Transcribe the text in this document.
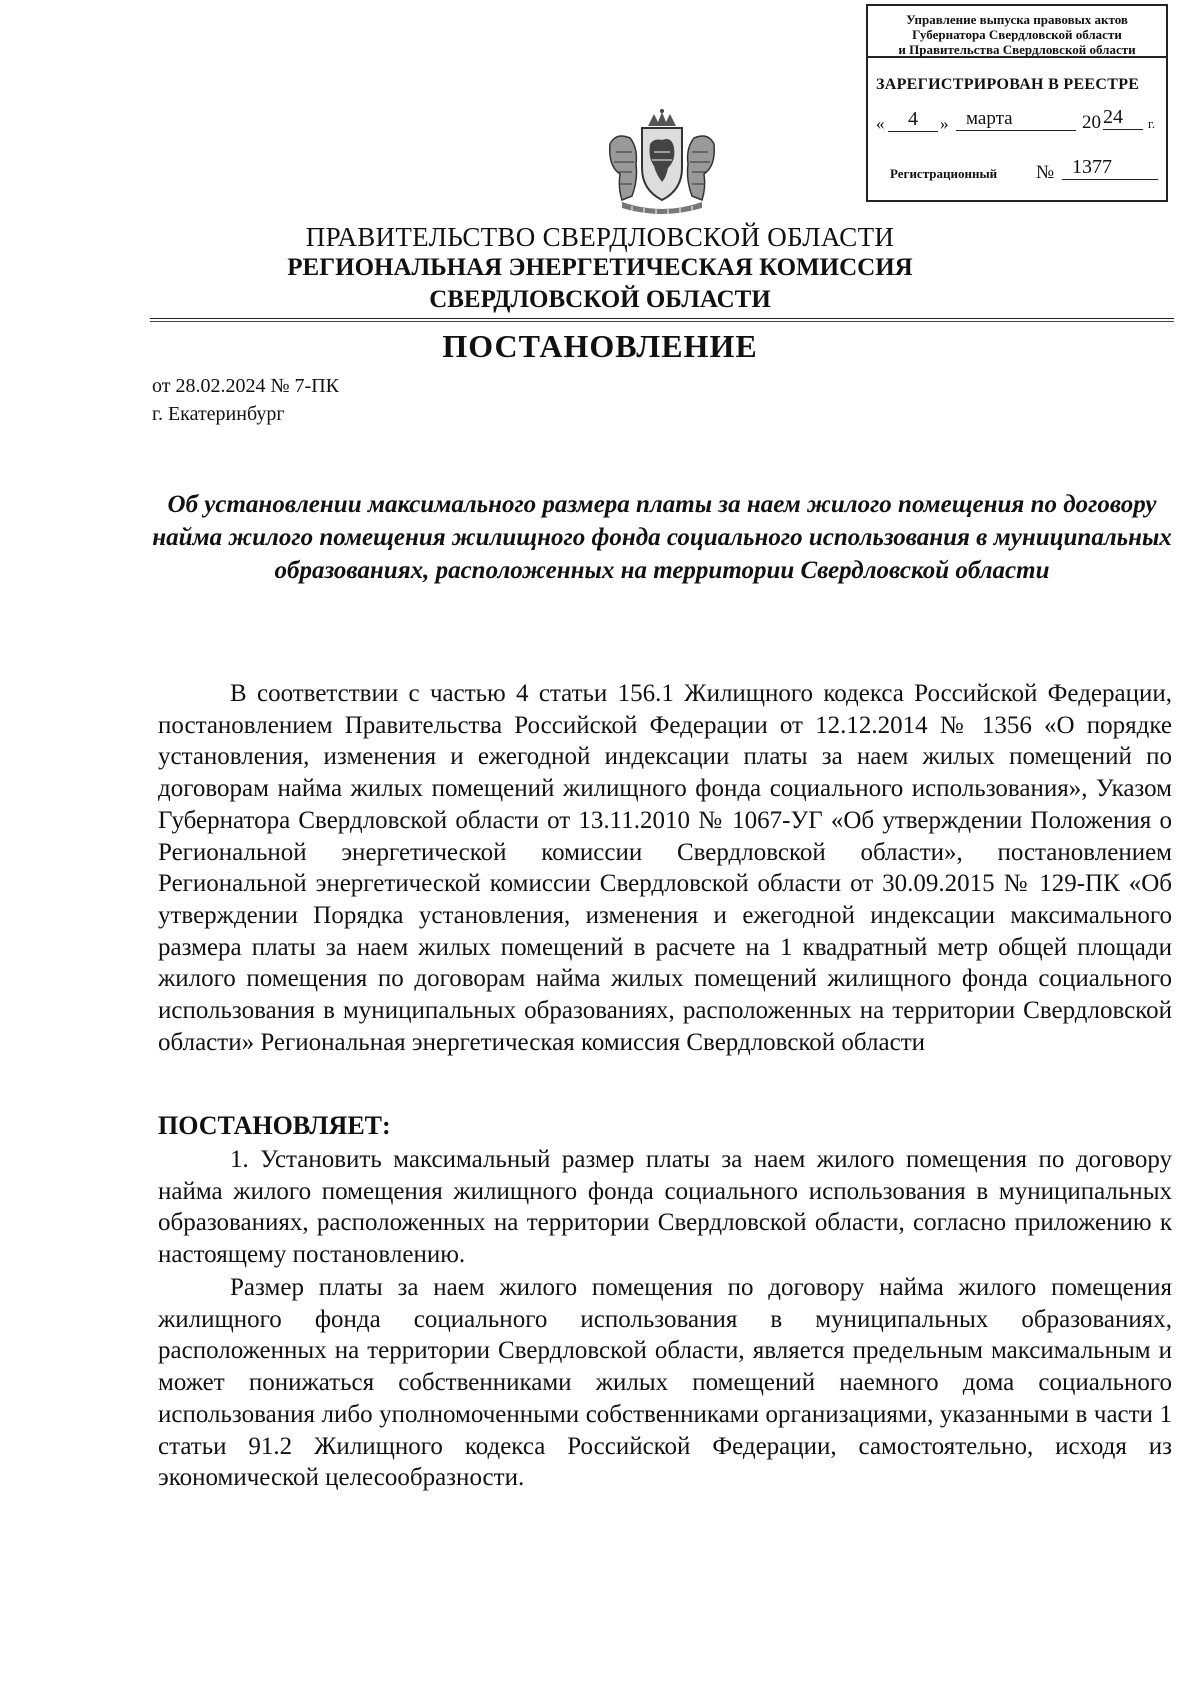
Управление выпуска правовых актов
Губернатора Свердловской области
и Правительства Свердловской области
ЗАРЕГИСТРИРОВАН В РЕЕСТРЕ
«	4	» марта	20 24	г.
Регистрационный № 1377
ПРАВИТЕЛЬСТВО СВЕРДЛОВСКОЙ ОБЛАСТИ
РЕГИОНАЛЬНАЯ ЭНЕРГЕТИЧЕСКАЯ КОМИССИЯ
СВЕРДЛОВСКОЙ ОБЛАСТИ
ПОСТАНОВЛЕНИЕ
от 28.02.2024 № 7-ПК
г. Екатеринбург
Об установлении максимального размера платы за наем жилого помещения по договору найма жилого помещения жилищного фонда социального использования в муниципальных образованиях, расположенных на территории Свердловской области
В соответствии с частью 4 статьи 156.1 Жилищного кодекса Российской Федерации, постановлением Правительства Российской Федерации от 12.12.2014 № 1356 «О порядке установления, изменения и ежегодной индексации платы за наем жилых помещений по договорам найма жилых помещений жилищного фонда социального использования», Указом Губернатора Свердловской области от 13.11.2010 № 1067-УГ «Об утверждении Положения о Региональной энергетической комиссии Свердловской области», постановлением Региональной энергетической комиссии Свердловской области от 30.09.2015 № 129-ПК «Об утверждении Порядка установления, изменения и ежегодной индексации максимального размера платы за наем жилых помещений в расчете на 1 квадратный метр общей площади жилого помещения по договорам найма жилых помещений жилищного фонда социального использования в муниципальных образованиях, расположенных на территории Свердловской области» Региональная энергетическая комиссия Свердловской области
ПОСТАНОВЛЯЕТ:
1. Установить максимальный размер платы за наем жилого помещения по договору найма жилого помещения жилищного фонда социального использования в муниципальных образованиях, расположенных на территории Свердловской области, согласно приложению к настоящему постановлению.
Размер платы за наем жилого помещения по договору найма жилого помещения жилищного фонда социального использования в муниципальных образованиях, расположенных на территории Свердловской области, является предельным максимальным и может понижаться собственниками жилых помещений наемного дома социального использования либо уполномоченными собственниками организациями, указанными в части 1 статьи 91.2 Жилищного кодекса Российской Федерации, самостоятельно, исходя из экономической целесообразности.
